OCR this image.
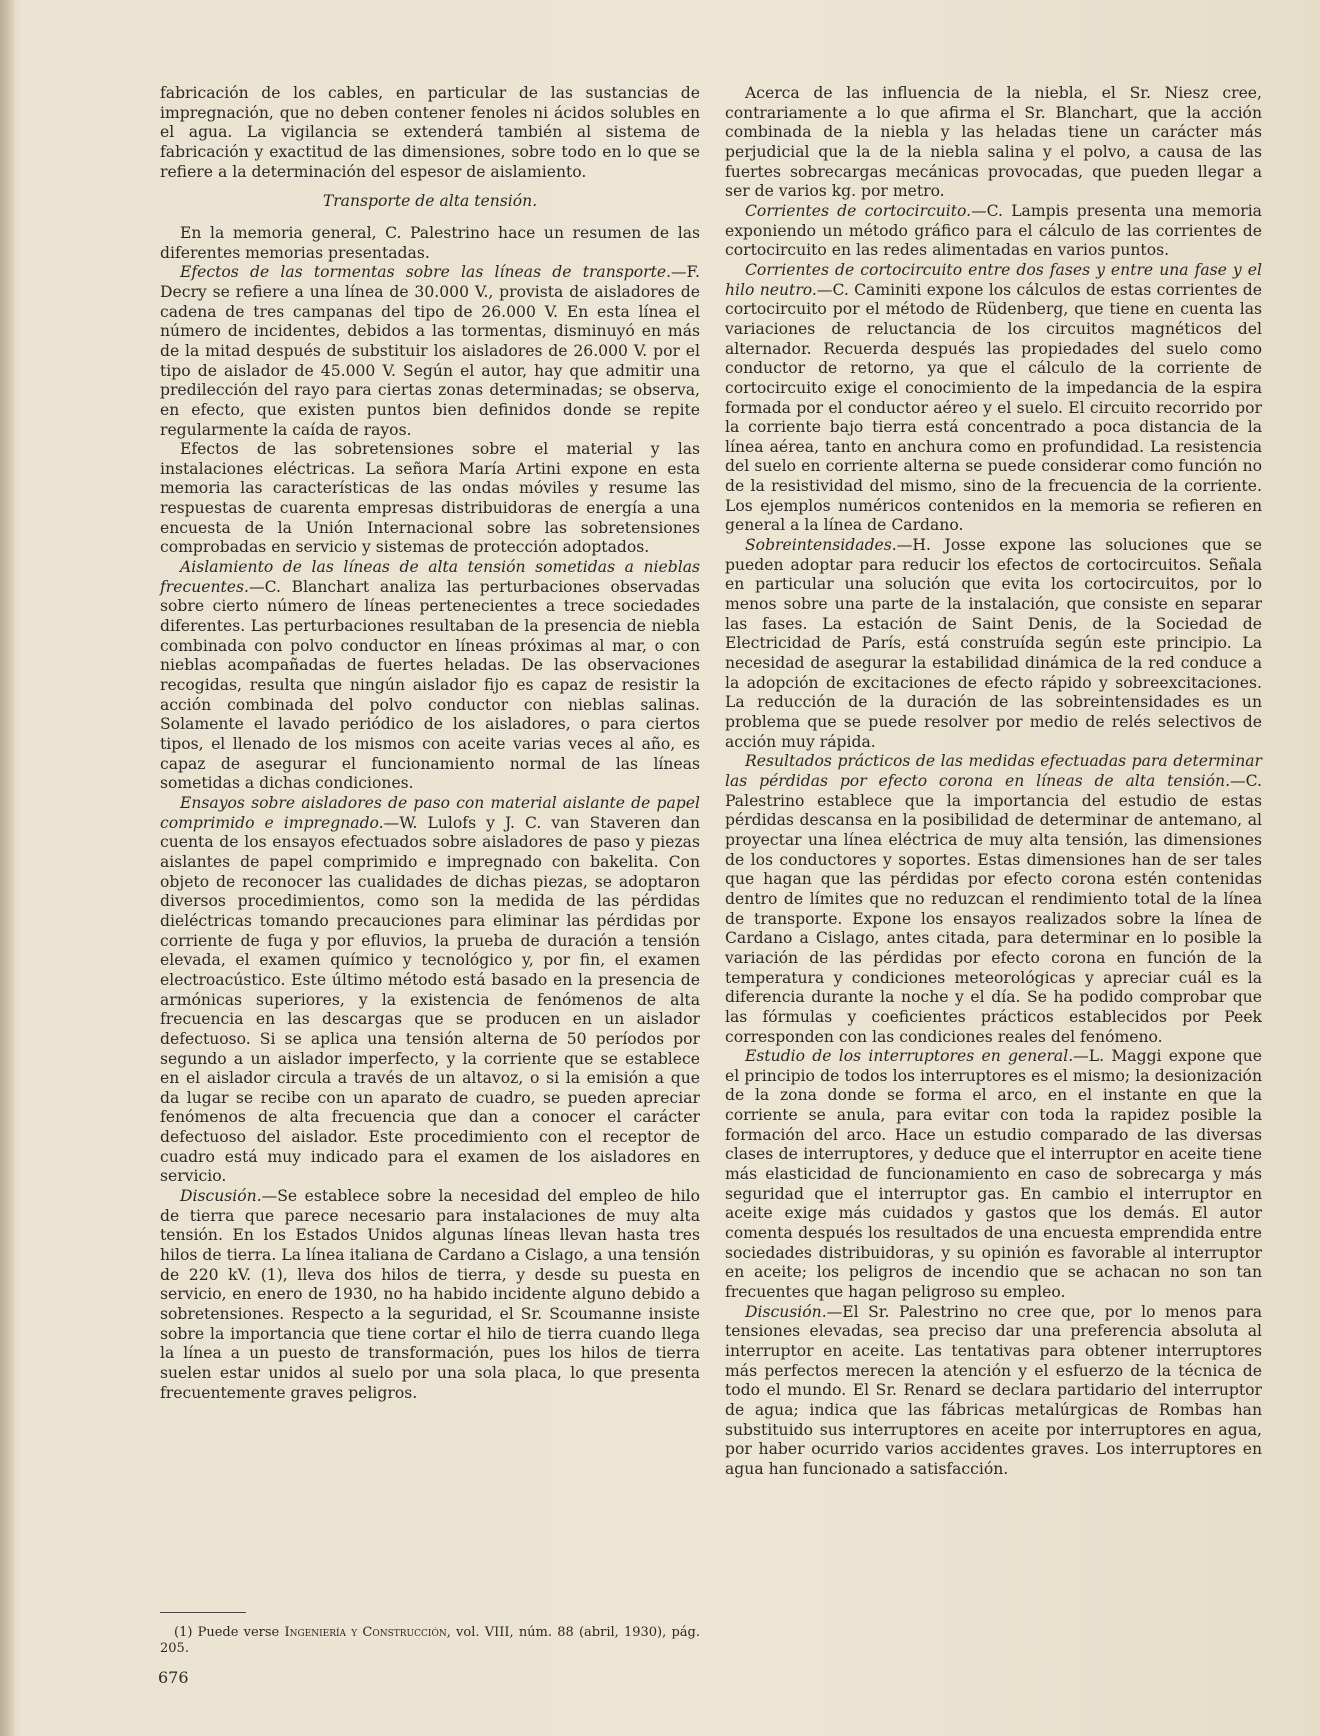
fabricación de los cables, en particular de las sustancias de impregnación, que no deben contener fenoles ni ácidos solubles en el agua. La vigilancia se extenderá también al sistema de fabricación y exactitud de las dimensiones, sobre todo en lo que se refiere a la determinación del espesor de aislamiento.

Transporte de alta tensión.

En la memoria general, C. Palestrino hace un resumen de las diferentes memorias presentadas.

Efectos de las tormentas sobre las líneas de transporte.—F. Decry se refiere a una línea de 30.000 V., provista de aisladores de cadena de tres campanas del tipo de 26.000 V. En esta línea el número de incidentes, debidos a las tormentas, disminuyó en más de la mitad después de substituir los aisladores de 26.000 V. por el tipo de aislador de 45.000 V. Según el autor, hay que admitir una predilección del rayo para ciertas zonas determinadas; se observa, en efecto, que existen puntos bien definidos donde se repite regularmente la caída de rayos.

Efectos de las sobretensiones sobre el material y las instalaciones eléctricas. La señora María Artini expone en esta memoria las características de las ondas móviles y resume las respuestas de cuarenta empresas distribuidoras de energía a una encuesta de la Unión Internacional sobre las sobretensiones comprobadas en servicio y sistemas de protección adoptados.

Aislamiento de las líneas de alta tensión sometidas a nieblas frecuentes.—C. Blanchart analiza las perturbaciones observadas sobre cierto número de líneas pertenecientes a trece sociedades diferentes. Las perturbaciones resultaban de la presencia de niebla combinada con polvo conductor en líneas próximas al mar, o con nieblas acompañadas de fuertes heladas. De las observaciones recogidas, resulta que ningún aislador fijo es capaz de resistir la acción combinada del polvo conductor con nieblas salinas. Solamente el lavado periódico de los aisladores, o para ciertos tipos, el llenado de los mismos con aceite varias veces al año, es capaz de asegurar el funcionamiento normal de las líneas sometidas a dichas condiciones.

Ensayos sobre aisladores de paso con material aislante de papel comprimido e impregnado.—W. Lulofs y J. C. van Staveren dan cuenta de los ensayos efectuados sobre aisladores de paso y piezas aislantes de papel comprimido e impregnado con bakelita. Con objeto de reconocer las cualidades de dichas piezas, se adoptaron diversos procedimientos, como son la medida de las pérdidas dieléctricas tomando precauciones para eliminar las pérdidas por corriente de fuga y por efluvios, la prueba de duración a tensión elevada, el examen químico y tecnológico y, por fin, el examen electroacústico. Este último método está basado en la presencia de armónicas superiores, y la existencia de fenómenos de alta frecuencia en las descargas que se producen en un aislador defectuoso. Si se aplica una tensión alterna de 50 períodos por segundo a un aislador imperfecto, y la corriente que se establece en el aislador circula a través de un altavoz, o si la emisión a que da lugar se recibe con un aparato de cuadro, se pueden apreciar fenómenos de alta frecuencia que dan a conocer el carácter defectuoso del aislador. Este procedimiento con el receptor de cuadro está muy indicado para el examen de los aisladores en servicio.

Discusión.—Se establece sobre la necesidad del empleo de hilo de tierra que parece necesario para instalaciones de muy alta tensión. En los Estados Unidos algunas líneas llevan hasta tres hilos de tierra. La línea italiana de Cardano a Cislago, a una tensión de 220 kV. (1), lleva dos hilos de tierra, y desde su puesta en servicio, en enero de 1930, no ha habido incidente alguno debido a sobretensiones. Respecto a la seguridad, el Sr. Scoumanne insiste sobre la importancia que tiene cortar el hilo de tierra cuando llega la línea a un puesto de transformación, pues los hilos de tierra suelen estar unidos al suelo por una sola placa, lo que presenta frecuentemente graves peligros.

Acerca de las influencia de la niebla, el Sr. Niesz cree, contrariamente a lo que afirma el Sr. Blanchart, que la acción combinada de la niebla y las heladas tiene un carácter más perjudicial que la de la niebla salina y el polvo, a causa de las fuertes sobrecargas mecánicas provocadas, que pueden llegar a ser de varios kg. por metro.

Corrientes de cortocircuito.—C. Lampis presenta una memoria exponiendo un método gráfico para el cálculo de las corrientes de cortocircuito en las redes alimentadas en varios puntos.

Corrientes de cortocircuito entre dos fases y entre una fase y el hilo neutro.—C. Caminiti expone los cálculos de estas corrientes de cortocircuito por el método de Rüdenberg, que tiene en cuenta las variaciones de reluctancia de los circuitos magnéticos del alternador. Recuerda después las propiedades del suelo como conductor de retorno, ya que el cálculo de la corriente de cortocircuito exige el conocimiento de la impedancia de la espira formada por el conductor aéreo y el suelo. El circuito recorrido por la corriente bajo tierra está concentrado a poca distancia de la línea aérea, tanto en anchura como en profundidad. La resistencia del suelo en corriente alterna se puede considerar como función no de la resistividad del mismo, sino de la frecuencia de la corriente. Los ejemplos numéricos contenidos en la memoria se refieren en general a la línea de Cardano.

Sobreintensidades.—H. Josse expone las soluciones que se pueden adoptar para reducir los efectos de cortocircuitos. Señala en particular una solución que evita los cortocircuitos, por lo menos sobre una parte de la instalación, que consiste en separar las fases. La estación de Saint Denis, de la Sociedad de Electricidad de París, está construída según este principio. La necesidad de asegurar la estabilidad dinámica de la red conduce a la adopción de excitaciones de efecto rápido y sobreexcitaciones. La reducción de la duración de las sobreintensidades es un problema que se puede resolver por medio de relés selectivos de acción muy rápida.

Resultados prácticos de las medidas efectuadas para determinar las pérdidas por efecto corona en líneas de alta tensión.—C. Palestrino establece que la importancia del estudio de estas pérdidas descansa en la posibilidad de determinar de antemano, al proyectar una línea eléctrica de muy alta tensión, las dimensiones de los conductores y soportes. Estas dimensiones han de ser tales que hagan que las pérdidas por efecto corona estén contenidas dentro de límites que no reduzcan el rendimiento total de la línea de transporte. Expone los ensayos realizados sobre la línea de Cardano a Cislago, antes citada, para determinar en lo posible la variación de las pérdidas por efecto corona en función de la temperatura y condiciones meteorológicas y apreciar cuál es la diferencia durante la noche y el día. Se ha podido comprobar que las fórmulas y coeficientes prácticos establecidos por Peek corresponden con las condiciones reales del fenómeno.

Estudio de los interruptores en general.—L. Maggi expone que el principio de todos los interruptores es el mismo; la desionización de la zona donde se forma el arco, en el instante en que la corriente se anula, para evitar con toda la rapidez posible la formación del arco. Hace un estudio comparado de las diversas clases de interruptores, y deduce que el interruptor en aceite tiene más elasticidad de funcionamiento en caso de sobrecarga y más seguridad que el interruptor gas. En cambio el interruptor en aceite exige más cuidados y gastos que los demás. El autor comenta después los resultados de una encuesta emprendida entre sociedades distribuidoras, y su opinión es favorable al interruptor en aceite; los peligros de incendio que se achacan no son tan frecuentes que hagan peligroso su empleo.

Discusión.—El Sr. Palestrino no cree que, por lo menos para tensiones elevadas, sea preciso dar una preferencia absoluta al interruptor en aceite. Las tentativas para obtener interruptores más perfectos merecen la atención y el esfuerzo de la técnica de todo el mundo. El Sr. Renard se declara partidario del interruptor de agua; indica que las fábricas metalúrgicas de Rombas han substituido sus interruptores en aceite por interruptores en agua, por haber ocurrido varios accidentes graves. Los interruptores en agua han funcionado a satisfacción.

(1) Puede verse Ingeniería y Construcción, vol. VIII, núm. 88 (abril, 1930), pág. 205.

676
